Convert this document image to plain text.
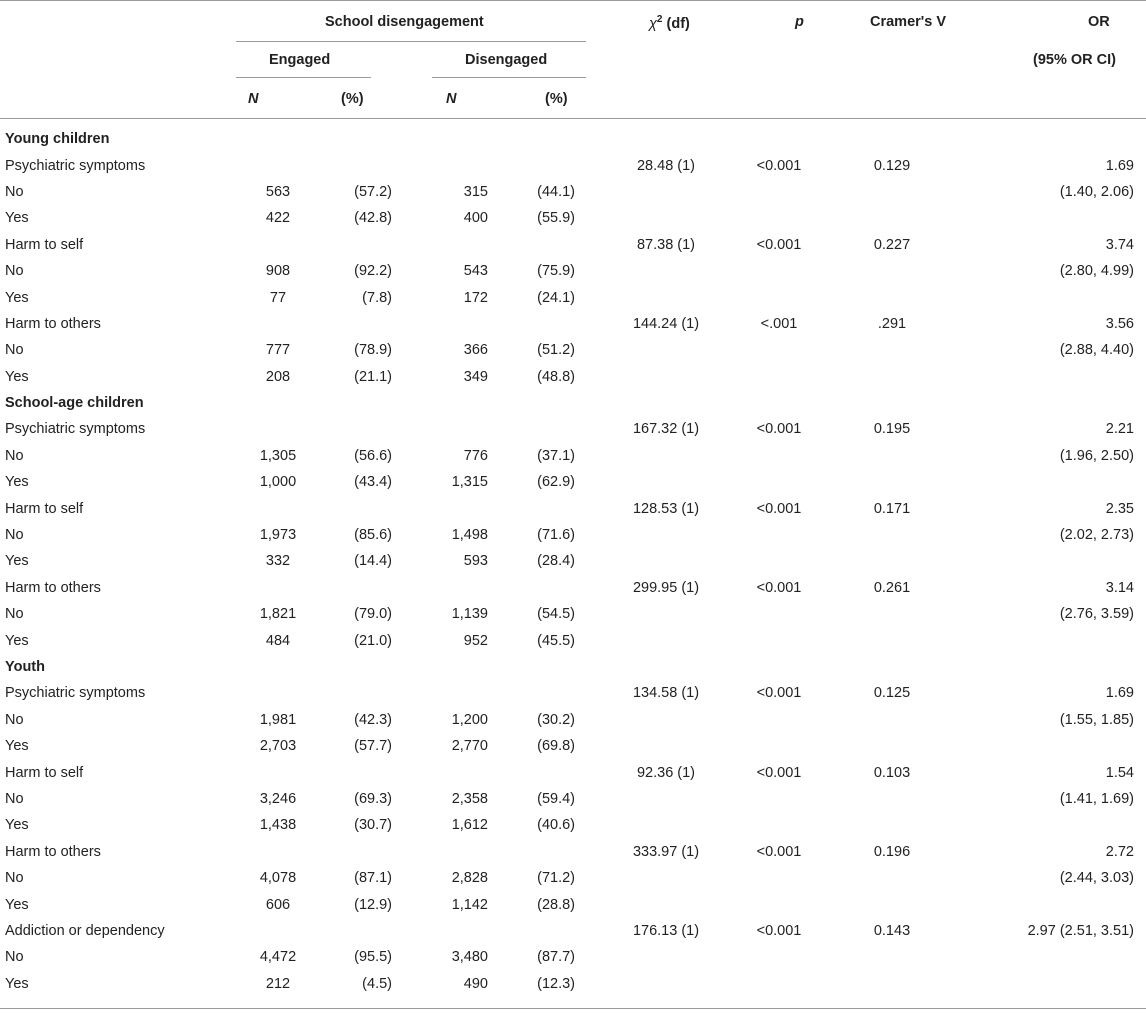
School disengagement
Engaged	Disengaged
N	(%)	N	(%)
$\chi^2$ (df)	p	Cramer's V	OR
(95% OR CI)
Young children								
Psychiatric symptoms					28.48 (1)	<0.001	0.129	1.69
No	563	(57.2)	315	(44.1)				(1.40, 2.06)
Yes	422	(42.8)	400	(55.9)				
Harm to self					87.38 (1)	<0.001	0.227	3.74
No	908	(92.2)	543	(75.9)				(2.80, 4.99)
Yes	77	(7.8)	172	(24.1)				
Harm to others					144.24 (1)	<.001	.291	3.56
No	777	(78.9)	366	(51.2)				(2.88, 4.40)
Yes	208	(21.1)	349	(48.8)				
School-age children								
Psychiatric symptoms					167.32 (1)	<0.001	0.195	2.21
No	1,305	(56.6)	776	(37.1)				(1.96, 2.50)
Yes	1,000	(43.4)	1,315	(62.9)				
Harm to self					128.53 (1)	<0.001	0.171	2.35
No	1,973	(85.6)	1,498	(71.6)				(2.02, 2.73)
Yes	332	(14.4)	593	(28.4)				
Harm to others					299.95 (1)	<0.001	0.261	3.14
No	1,821	(79.0)	1,139	(54.5)				(2.76, 3.59)
Yes	484	(21.0)	952	(45.5)				
Youth								
Psychiatric symptoms					134.58 (1)	<0.001	0.125	1.69
No	1,981	(42.3)	1,200	(30.2)				(1.55, 1.85)
Yes	2,703	(57.7)	2,770	(69.8)				
Harm to self					92.36 (1)	<0.001	0.103	1.54
No	3,246	(69.3)	2,358	(59.4)				(1.41, 1.69)
Yes	1,438	(30.7)	1,612	(40.6)				
Harm to others					333.97 (1)	<0.001	0.196	2.72
No	4,078	(87.1)	2,828	(71.2)				(2.44, 3.03)
Yes	606	(12.9)	1,142	(28.8)				
Addiction or dependency					176.13 (1)	<0.001	0.143	2.97 (2.51, 3.51)
No	4,472	(95.5)	3,480	(87.7)				
Yes	212	(4.5)	490	(12.3)				
